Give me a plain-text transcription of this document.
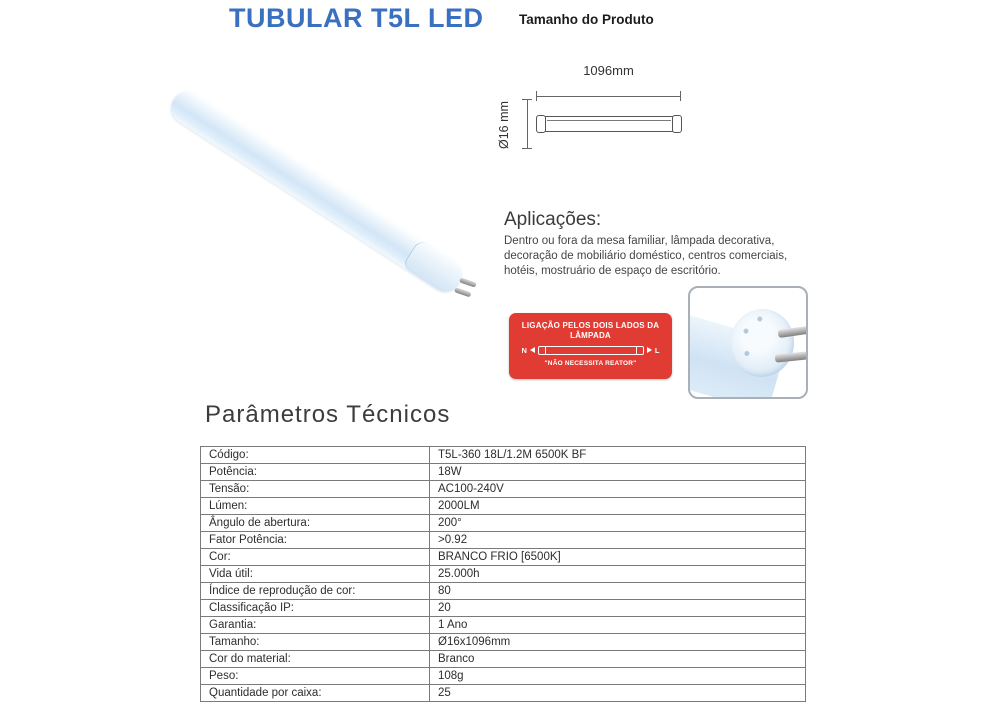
TUBULAR T5L LED	Tamanho do Produto
1096mm
Ø16 mm
Aplicações:
Dentro ou fora da mesa familiar, lâmpada decorativa,
decoração de mobiliário doméstico, centros comerciais,
hotéis, mostruário de espaço de escritório.
LIGAÇÃO PELOS DOIS LADOS DA
LÂMPADA
N	L
"NÃO NECESSITA REATOR"
Parâmetros Técnicos
Código:	T5L-360 18L/1.2M 6500K BF
Potência:	18W
Tensão:	AC100-240V
Lúmen:	2000LM
Ângulo de abertura:	200°
Fator Potência:	>0.92
Cor:	BRANCO FRIO [6500K]
Vida útil:	25.000h
Índice de reprodução de cor:	80
Classificação IP:	20
Garantia:	1 Ano
Tamanho:	Ø16x1096mm
Cor do material:	Branco
Peso:	108g
Quantidade por caixa:	25
